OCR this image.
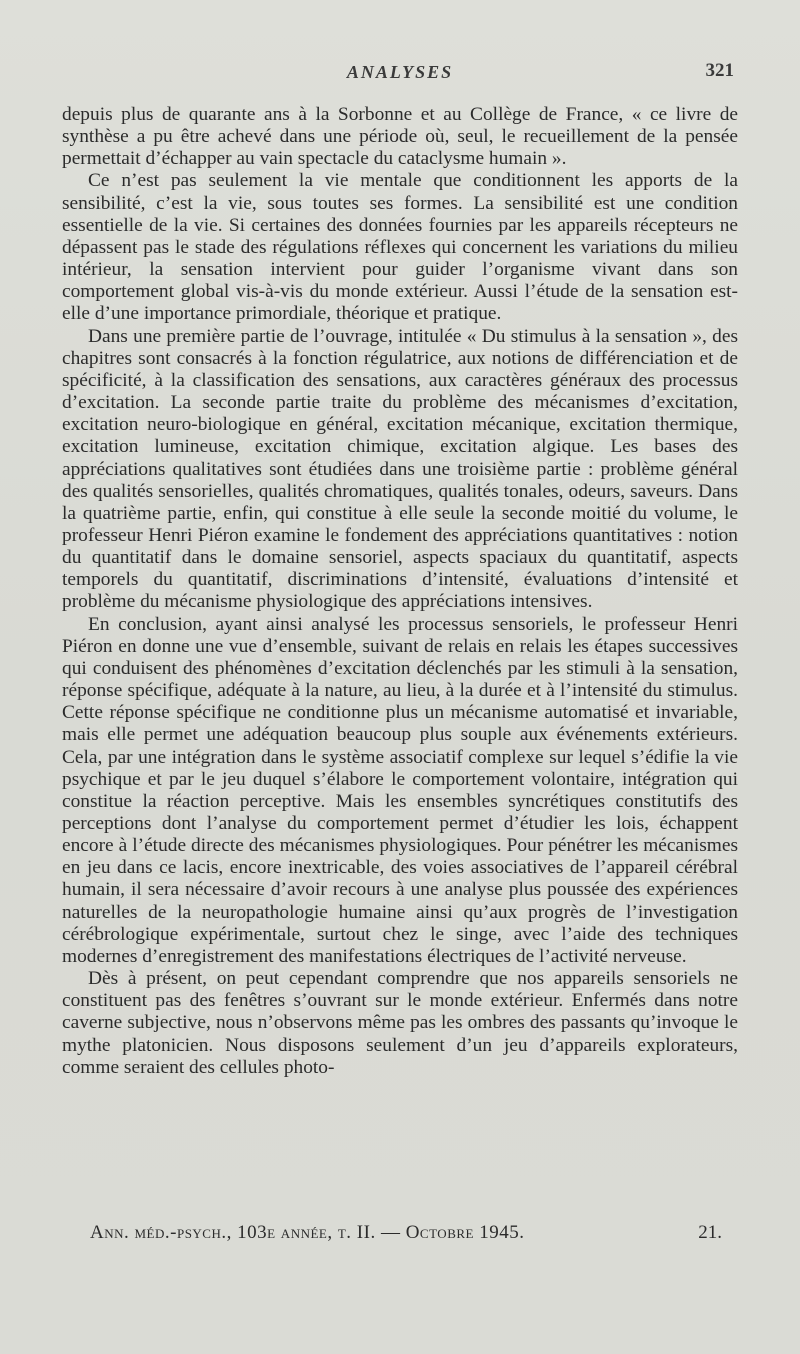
ANALYSES	321

depuis plus de quarante ans à la Sorbonne et au Collège de France, « ce livre de synthèse a pu être achevé dans une période où, seul, le recueillement de la pensée permettait d’échapper au vain spectacle du cataclysme humain ».

Ce n’est pas seulement la vie mentale que conditionnent les apports de la sensibilité, c’est la vie, sous toutes ses formes. La sensibilité est une condition essentielle de la vie. Si certaines des données fournies par les appareils récepteurs ne dépassent pas le stade des régulations réflexes qui concernent les variations du milieu intérieur, la sensation intervient pour guider l’organisme vivant dans son comportement global vis-à-vis du monde extérieur. Aussi l’étude de la sensation est-elle d’une importance primordiale, théorique et pratique.

Dans une première partie de l’ouvrage, intitulée « Du stimulus à la sensation », des chapitres sont consacrés à la fonction régulatrice, aux notions de différenciation et de spécificité, à la classification des sensations, aux caractères généraux des processus d’excitation. La seconde partie traite du problème des mécanismes d’excitation, excitation neuro-biologique en général, excitation mécanique, excitation thermique, excitation lumineuse, excitation chimique, excitation algique. Les bases des appréciations qualitatives sont étudiées dans une troisième partie : problème général des qualités sensorielles, qualités chromatiques, qualités tonales, odeurs, saveurs. Dans la quatrième partie, enfin, qui constitue à elle seule la seconde moitié du volume, le professeur Henri Piéron examine le fondement des appréciations quantitatives : notion du quantitatif dans le domaine sensoriel, aspects spaciaux du quantitatif, aspects temporels du quantitatif, discriminations d’intensité, évaluations d’intensité et problème du mécanisme physiologique des appréciations intensives.

En conclusion, ayant ainsi analysé les processus sensoriels, le professeur Henri Piéron en donne une vue d’ensemble, suivant de relais en relais les étapes successives qui conduisent des phénomènes d’excitation déclenchés par les stimuli à la sensation, réponse spécifique, adéquate à la nature, au lieu, à la durée et à l’intensité du stimulus. Cette réponse spécifique ne conditionne plus un mécanisme automatisé et invariable, mais elle permet une adéquation beaucoup plus souple aux événements extérieurs. Cela, par une intégration dans le système associatif complexe sur lequel s’édifie la vie psychique et par le jeu duquel s’élabore le comportement volontaire, intégration qui constitue la réaction perceptive. Mais les ensembles syncrétiques constitutifs des perceptions dont l’analyse du comportement permet d’étudier les lois, échappent encore à l’étude directe des mécanismes physiologiques. Pour pénétrer les mécanismes en jeu dans ce lacis, encore inextricable, des voies associatives de l’appareil cérébral humain, il sera nécessaire d’avoir recours à une analyse plus poussée des expériences naturelles de la neuropathologie humaine ainsi qu’aux progrès de l’investigation cérébrologique expérimentale, surtout chez le singe, avec l’aide des techniques modernes d’enregistrement des manifestations électriques de l’activité nerveuse.

Dès à présent, on peut cependant comprendre que nos appareils sensoriels ne constituent pas des fenêtres s’ouvrant sur le monde extérieur. Enfermés dans notre caverne subjective, nous n’observons même pas les ombres des passants qu’invoque le mythe platonicien. Nous disposons seulement d’un jeu d’appareils explorateurs, comme seraient des cellules photo-

Ann. méd.-psych., 103e année, t. II. — Octobre 1945.	21.
